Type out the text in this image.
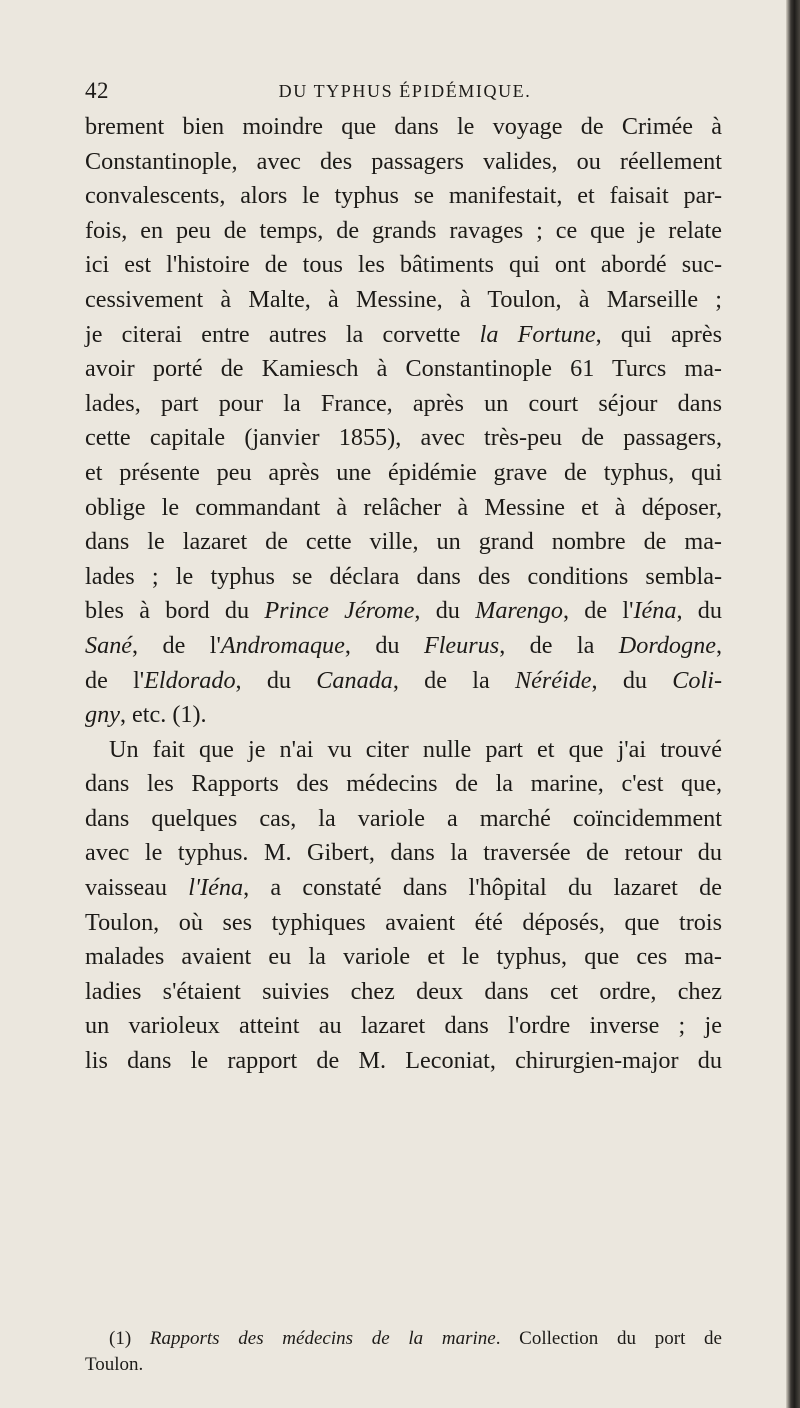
42	DU TYPHUS ÉPIDÉMIQUE.
brement bien moindre que dans le voyage de Crimée à
Constantinople, avec des passagers valides, ou réellement
convalescents, alors le typhus se manifestait, et faisait par-
fois, en peu de temps, de grands ravages ; ce que je relate
ici est l'histoire de tous les bâtiments qui ont abordé suc-
cessivement à Malte, à Messine, à Toulon, à Marseille ;
je citerai entre autres la corvette la Fortune, qui après
avoir porté de Kamiesch à Constantinople 61 Turcs ma-
lades, part pour la France, après un court séjour dans
cette capitale (janvier 1855), avec très-peu de passagers,
et présente peu après une épidémie grave de typhus, qui
oblige le commandant à relâcher à Messine et à déposer,
dans le lazaret de cette ville, un grand nombre de ma-
lades ; le typhus se déclara dans des conditions sembla-
bles à bord du Prince Jérome, du Marengo, de l'Iéna, du
Sané, de l'Andromaque, du Fleurus, de la Dordogne,
de l'Eldorado, du Canada, de la Néréide, du Coli-
gny, etc. (1).
Un fait que je n'ai vu citer nulle part et que j'ai trouvé
dans les Rapports des médecins de la marine, c'est que,
dans quelques cas, la variole a marché coïncidemment
avec le typhus. M. Gibert, dans la traversée de retour du
vaisseau l'Iéna, a constaté dans l'hôpital du lazaret de
Toulon, où ses typhiques avaient été déposés, que trois
malades avaient eu la variole et le typhus, que ces ma-
ladies s'étaient suivies chez deux dans cet ordre, chez
un varioleux atteint au lazaret dans l'ordre inverse ; je
lis dans le rapport de M. Leconiat, chirurgien-major du
(1) Rapports des médecins de la marine. Collection du port de
Toulon.
